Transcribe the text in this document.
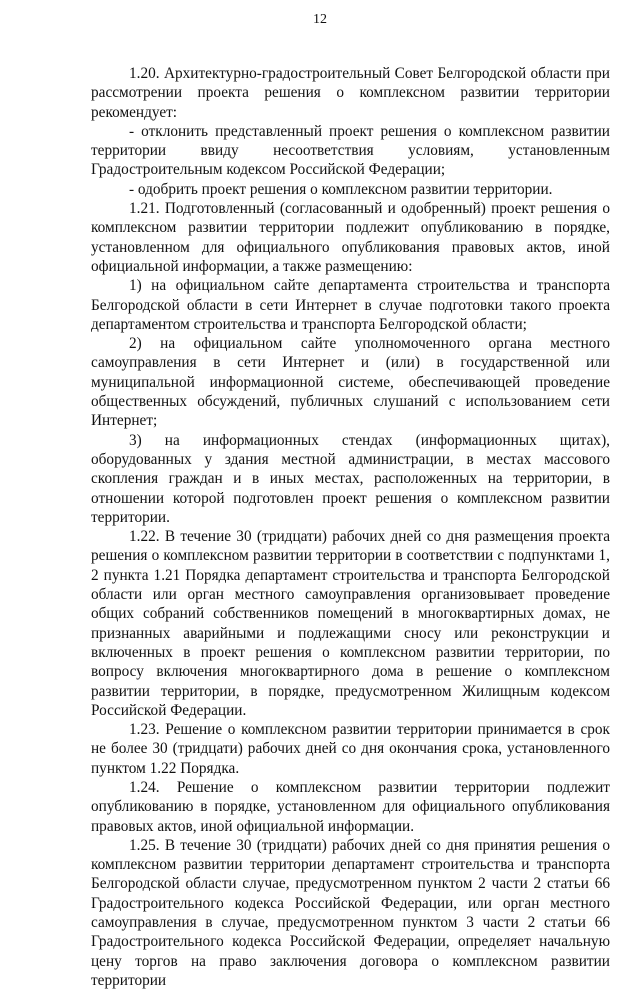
12

1.20. Архитектурно-градостроительный Совет Белгородской области при рассмотрении проекта решения о комплексном развитии территории рекомендует:

- отклонить представленный проект решения о комплексном развитии территории ввиду несоответствия условиям, установленным Градостроительным кодексом Российской Федерации;

- одобрить проект решения о комплексном развитии территории.

1.21. Подготовленный (согласованный и одобренный) проект решения о комплексном развитии территории подлежит опубликованию в порядке, установленном для официального опубликования правовых актов, иной официальной информации, а также размещению:

1) на официальном сайте департамента строительства и транспорта Белгородской области в сети Интернет в случае подготовки такого проекта департаментом строительства и транспорта Белгородской области;

2) на официальном сайте уполномоченного органа местного самоуправления в сети Интернет и (или) в государственной или муниципальной информационной системе, обеспечивающей проведение общественных обсуждений, публичных слушаний с использованием сети Интернет;

3) на информационных стендах (информационных щитах), оборудованных у здания местной администрации, в местах массового скопления граждан и в иных местах, расположенных на территории, в отношении которой подготовлен проект решения о комплексном развитии территории.

1.22. В течение 30 (тридцати) рабочих дней со дня размещения проекта решения о комплексном развитии территории в соответствии с подпунктами 1, 2 пункта 1.21 Порядка департамент строительства и транспорта Белгородской области или орган местного самоуправления организовывает проведение общих собраний собственников помещений в многоквартирных домах, не признанных аварийными и подлежащими сносу или реконструкции и включенных в проект решения о комплексном развитии территории, по вопросу включения многоквартирного дома в решение о комплексном развитии территории, в порядке, предусмотренном Жилищным кодексом Российской Федерации.

1.23. Решение о комплексном развитии территории принимается в срок не более 30 (тридцати) рабочих дней со дня окончания срока, установленного пунктом 1.22 Порядка.

1.24. Решение о комплексном развитии территории подлежит опубликованию в порядке, установленном для официального опубликования правовых актов, иной официальной информации.

1.25. В течение 30 (тридцати) рабочих дней со дня принятия решения о комплексном развитии территории департамент строительства и транспорта Белгородской области случае, предусмотренном пунктом 2 части 2 статьи 66 Градостроительного кодекса Российской Федерации, или орган местного самоуправления в случае, предусмотренном пунктом 3 части 2 статьи 66 Градостроительного кодекса Российской Федерации, определяет начальную цену торгов на право заключения договора о комплексном развитии территории
